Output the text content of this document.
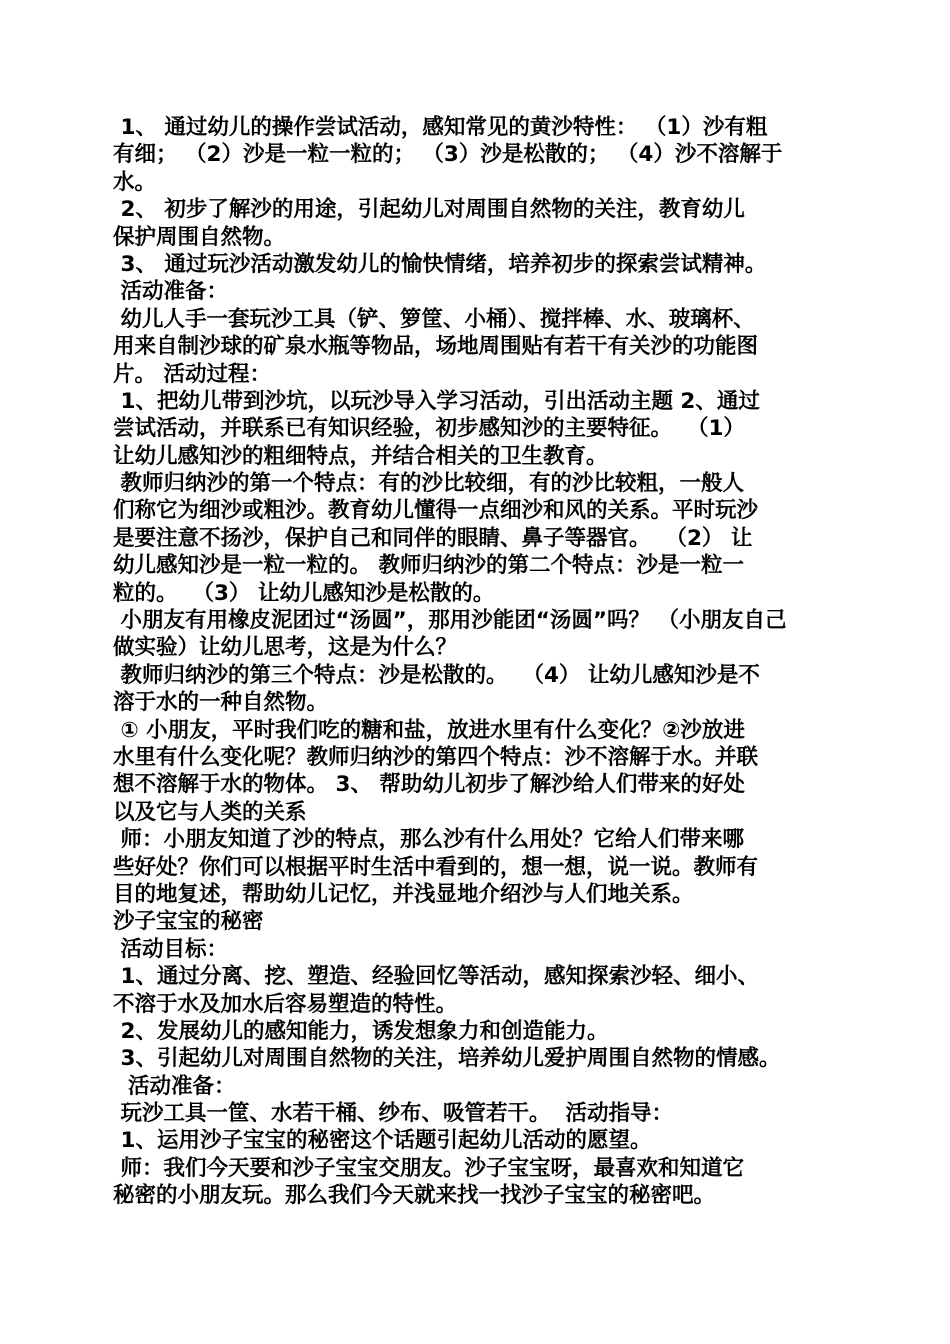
1、 通过幼儿的操作尝试活动，感知常见的黄沙特性： （1）沙有粗
有细； （2）沙是一粒一粒的； （3）沙是松散的； （4）沙不溶解于
水。
2、 初步了解沙的用途，引起幼儿对周围自然物的关注，教育幼儿
保护周围自然物。
3、 通过玩沙活动激发幼儿的愉快情绪，培养初步的探索尝试精神。
活动准备：
幼儿人手一套玩沙工具（铲、箩筐、小桶）、搅拌棒、水、玻璃杯、
用来自制沙球的矿泉水瓶等物品，场地周围贴有若干有关沙的功能图
片。 活动过程：
1、把幼儿带到沙坑，以玩沙导入学习活动，引出活动主题 2、通过
尝试活动，并联系已有知识经验，初步感知沙的主要特征。  （1）
让幼儿感知沙的粗细特点，并结合相关的卫生教育。
教师归纳沙的第一个特点：有的沙比较细，有的沙比较粗，一般人
们称它为细沙或粗沙。教育幼儿懂得一点细沙和风的关系。平时玩沙
是要注意不扬沙，保护自己和同伴的眼睛、鼻子等器官。  （2） 让
幼儿感知沙是一粒一粒的。 教师归纳沙的第二个特点：沙是一粒一
粒的。  （3） 让幼儿感知沙是松散的。
小朋友有用橡皮泥团过“汤圆”，那用沙能团“汤圆”吗？ （小朋友自己
做实验）让幼儿思考，这是为什么？
教师归纳沙的第三个特点：沙是松散的。  （4） 让幼儿感知沙是不
溶于水的一种自然物。
① 小朋友，平时我们吃的糖和盐，放进水里有什么变化？②沙放进
水里有什么变化呢？教师归纳沙的第四个特点：沙不溶解于水。并联
想不溶解于水的物体。 3、 帮助幼儿初步了解沙给人们带来的好处
以及它与人类的关系
师：小朋友知道了沙的特点，那么沙有什么用处？它给人们带来哪
些好处？你们可以根据平时生活中看到的，想一想，说一说。教师有
目的地复述，帮助幼儿记忆，并浅显地介绍沙与人们地关系。
沙子宝宝的秘密
活动目标：
1、通过分离、挖、塑造、经验回忆等活动，感知探索沙轻、细小、
不溶于水及加水后容易塑造的特性。
2、发展幼儿的感知能力，诱发想象力和创造能力。
3、引起幼儿对周围自然物的关注，培养幼儿爱护周围自然物的情感。
活动准备：
玩沙工具一筐、水若干桶、纱布、吸管若干。  活动指导：
1、运用沙子宝宝的秘密这个话题引起幼儿活动的愿望。
师：我们今天要和沙子宝宝交朋友。沙子宝宝呀，最喜欢和知道它
秘密的小朋友玩。那么我们今天就来找一找沙子宝宝的秘密吧。
